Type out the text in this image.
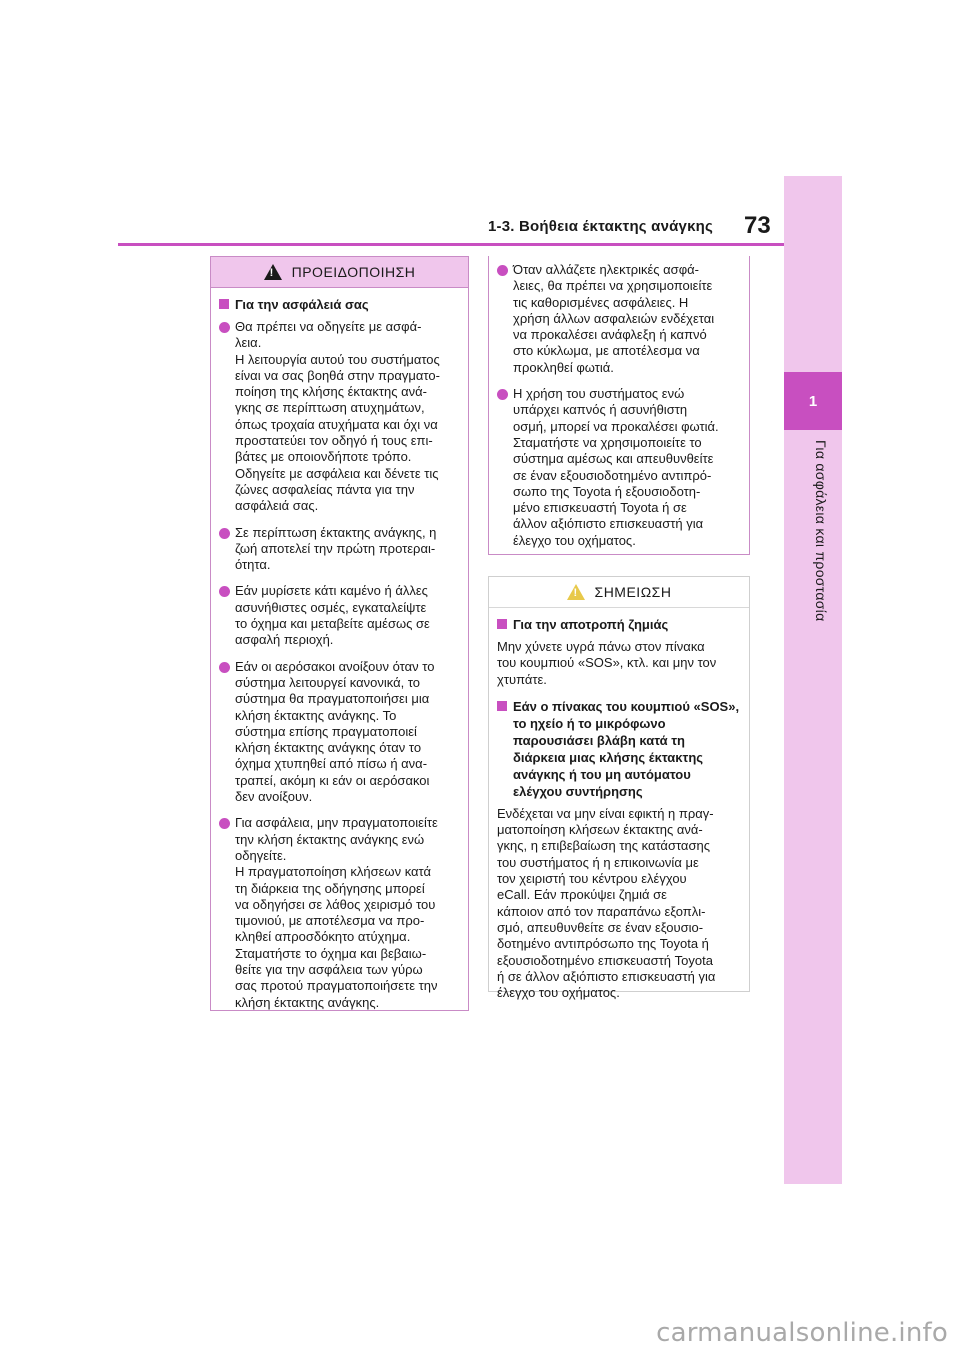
1
Για ασφάλεια και προστασία
1-3. Βοήθεια έκτακτης ανάγκης 73
!
ΠΡΟΕΙΔΟΠΟΙΗΣΗ
Για την ασφάλειά σας
Θα πρέπει να οδηγείτε με ασφά-
λεια.
Η λειτουργία αυτού του συστήματος
είναι να σας βοηθά στην πραγματο-
ποίηση της κλήσης έκτακτης ανά-
γκης σε περίπτωση ατυχημάτων,
όπως τροχαία ατυχήματα και όχι να
προστατεύει τον οδηγό ή τους επι-
βάτες με οποιονδήποτε τρόπο.
Οδηγείτε με ασφάλεια και δένετε τις
ζώνες ασφαλείας πάντα για την
ασφάλειά σας.
Σε περίπτωση έκτακτης ανάγκης, η
ζωή αποτελεί την πρώτη προτεραι-
ότητα.
Εάν μυρίσετε κάτι καμένο ή άλλες
ασυνήθιστες οσμές, εγκαταλείψτε
το όχημα και μεταβείτε αμέσως σε
ασφαλή περιοχή.
Εάν οι αερόσακοι ανοίξουν όταν το
σύστημα λειτουργεί κανονικά, το
σύστημα θα πραγματοποιήσει μια
κλήση έκτακτης ανάγκης. Το
σύστημα επίσης πραγματοποιεί
κλήση έκτακτης ανάγκης όταν το
όχημα χτυπηθεί από πίσω ή ανα-
τραπεί, ακόμη κι εάν οι αερόσακοι
δεν ανοίξουν.
Για ασφάλεια, μην πραγματοποιείτε
την κλήση έκτακτης ανάγκης ενώ
οδηγείτε.
Η πραγματοποίηση κλήσεων κατά
τη διάρκεια της οδήγησης μπορεί
να οδηγήσει σε λάθος χειρισμό του
τιμονιού, με αποτέλεσμα να προ-
κληθεί απροσδόκητο ατύχημα.
Σταματήστε το όχημα και βεβαιω-
θείτε για την ασφάλεια των γύρω
σας προτού πραγματοποιήσετε την
κλήση έκτακτης ανάγκης.
Όταν αλλάζετε ηλεκτρικές ασφά-
λειες, θα πρέπει να χρησιμοποιείτε
τις καθορισμένες ασφάλειες. Η
χρήση άλλων ασφαλειών ενδέχεται
να προκαλέσει ανάφλεξη ή καπνό
στο κύκλωμα, με αποτέλεσμα να
προκληθεί φωτιά.
Η χρήση του συστήματος ενώ
υπάρχει καπνός ή ασυνήθιστη
οσμή, μπορεί να προκαλέσει φωτιά.
Σταματήστε να χρησιμοποιείτε το
σύστημα αμέσως και απευθυνθείτε
σε έναν εξουσιοδοτημένο αντιπρό-
σωπο της Toyota ή εξουσιοδοτη-
μένο επισκευαστή Toyota ή σε
άλλον αξιόπιστο επισκευαστή για
έλεγχο του οχήματος.
!
ΣΗΜΕΙΩΣΗ
Για την αποτροπή ζημιάς
Μην χύνετε υγρά πάνω στον πίνακα
του κουμπιού «SOS», κτλ. και μην τον
χτυπάτε.
Εάν ο πίνακας του κουμπιού «SOS», το ηχείο ή το μικρόφωνο παρουσιάσει βλάβη κατά τη διάρκεια μιας κλήσης έκτακτης ανάγκης ή του μη αυτόματου ελέγχου συντήρησης
Ενδέχεται να μην είναι εφικτή η πραγ-
ματοποίηση κλήσεων έκτακτης ανά-
γκης, η επιβεβαίωση της κατάστασης
του συστήματος ή η επικοινωνία με
τον χειριστή του κέντρου ελέγχου
eCall. Εάν προκύψει ζημιά σε
κάποιον από τον παραπάνω εξοπλι-
σμό, απευθυνθείτε σε έναν εξουσιο-
δοτημένο αντιπρόσωπο της Toyota ή
εξουσιοδοτημένο επισκευαστή Toyota
ή σε άλλον αξιόπιστο επισκευαστή για
έλεγχο του οχήματος.
carmanualsonline.info
